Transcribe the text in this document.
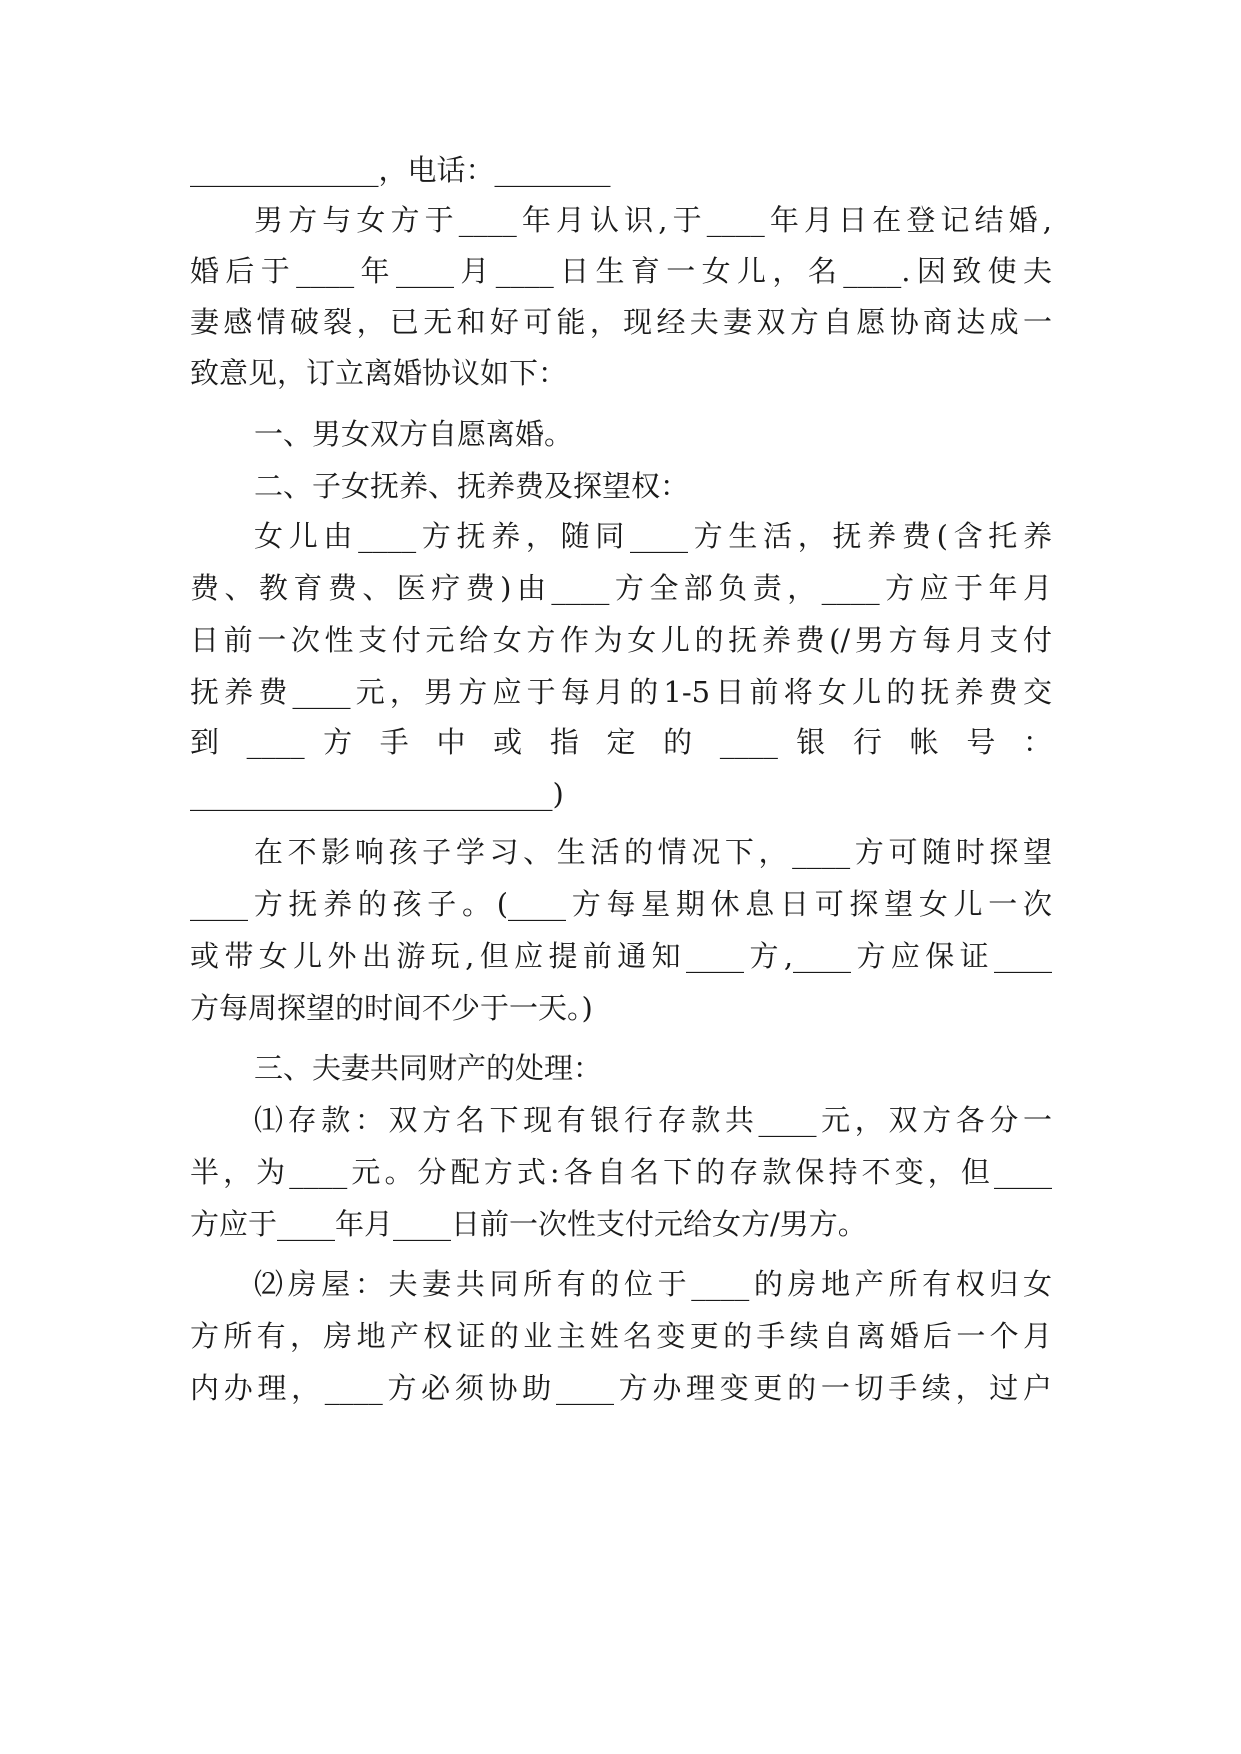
_____________，电话：________
男方与女方于____年月认识,于____年月日在登记结婚,
婚后于____年____月____日生育一女儿，名____.因致使夫
妻感情破裂，已无和好可能，现经夫妻双方自愿协商达成一
致意见，订立离婚协议如下：
一、男女双方自愿离婚。
二、子女抚养、抚养费及探望权：
女儿由____方抚养，随同____方生活，抚养费(含托养
费、教育费、医疗费)由____方全部负责，____方应于年月
日前一次性支付元给女方作为女儿的抚养费(/男方每月支付
抚养费____元，男方应于每月的1-5日前将女儿的抚养费交
到 ____ 方 手 中 或 指 定 的 ____ 银 行 帐 号 ：
_________________________)
在不影响孩子学习、生活的情况下，____方可随时探望
____方抚养的孩子。(____方每星期休息日可探望女儿一次
或带女儿外出游玩,但应提前通知____方,____方应保证____
方每周探望的时间不少于一天。)
三、夫妻共同财产的处理：
⑴存款：双方名下现有银行存款共____元，双方各分一
半，为____元。分配方式:各自名下的存款保持不变，但____
方应于____年月____日前一次性支付元给女方/男方。
⑵房屋：夫妻共同所有的位于____的房地产所有权归女
方所有，房地产权证的业主姓名变更的手续自离婚后一个月
内办理，____方必须协助____方办理变更的一切手续，过户
